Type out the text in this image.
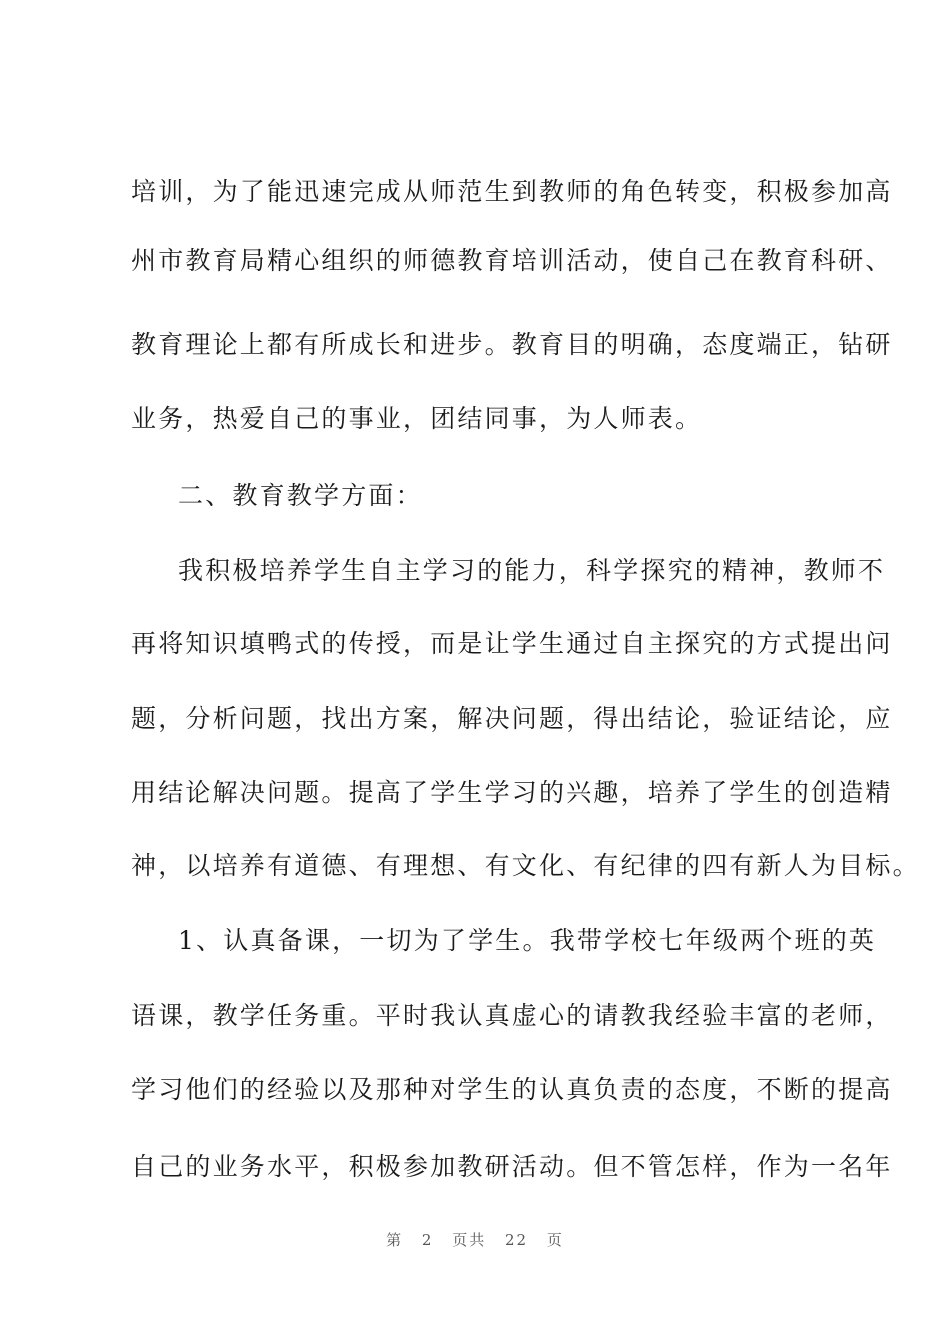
培训，为了能迅速完成从师范生到教师的角色转变，积极参加高
州市教育局精心组织的师德教育培训活动，使自己在教育科研、
教育理论上都有所成长和进步。教育目的明确，态度端正，钻研
业务，热爱自己的事业，团结同事，为人师表。
二、教育教学方面：
我积极培养学生自主学习的能力，科学探究的精神，教师不
再将知识填鸭式的传授，而是让学生通过自主探究的方式提出问
题，分析问题，找出方案，解决问题，得出结论，验证结论，应
用结论解决问题。提高了学生学习的兴趣，培养了学生的创造精
神，以培养有道德、有理想、有文化、有纪律的四有新人为目标。
1、认真备课，一切为了学生。我带学校七年级两个班的英
语课，教学任务重。平时我认真虚心的请教我经验丰富的老师，
学习他们的经验以及那种对学生的认真负责的态度，不断的提高
自己的业务水平，积极参加教研活动。但不管怎样，作为一名年
第 2 页共 22 页
